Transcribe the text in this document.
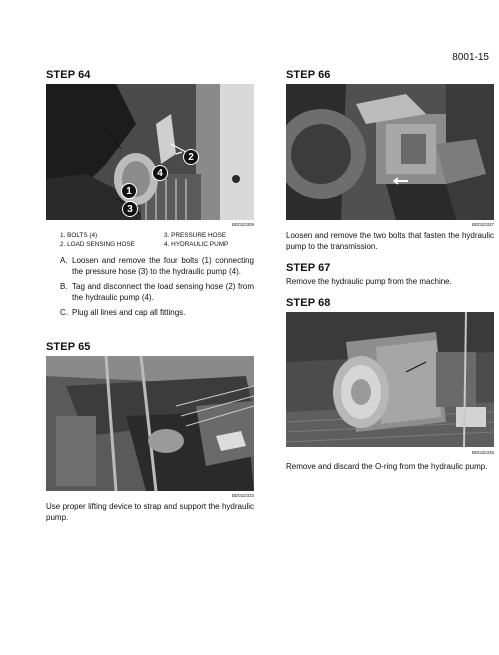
8001-15
STEP 64
1
2
3
4
BD01D308
1. BOLTS (4)	3. PRESSURE HOSE
2. LOAD SENSING HOSE	4. HYDRAULIC PUMP
A. Loosen and remove the four bolts (1) connecting the pressure hose (3) to the hydraulic pump (4).
B. Tag and disconnect the load sensing hose (2) from the hydraulic pump (4).
C. Plug all lines and cap all fittings.
STEP 65
BD01D333
Use proper lifting device to strap and support the hydraulic pump.
STEP 66
BD01D337
Loosen and remove the two bolts that fasten the hydraulic pump to the transmission.
STEP 67
Remove the hydraulic pump from the machine.
STEP 68
BD01D335
Remove and discard the O-ring from the hydraulic pump.
